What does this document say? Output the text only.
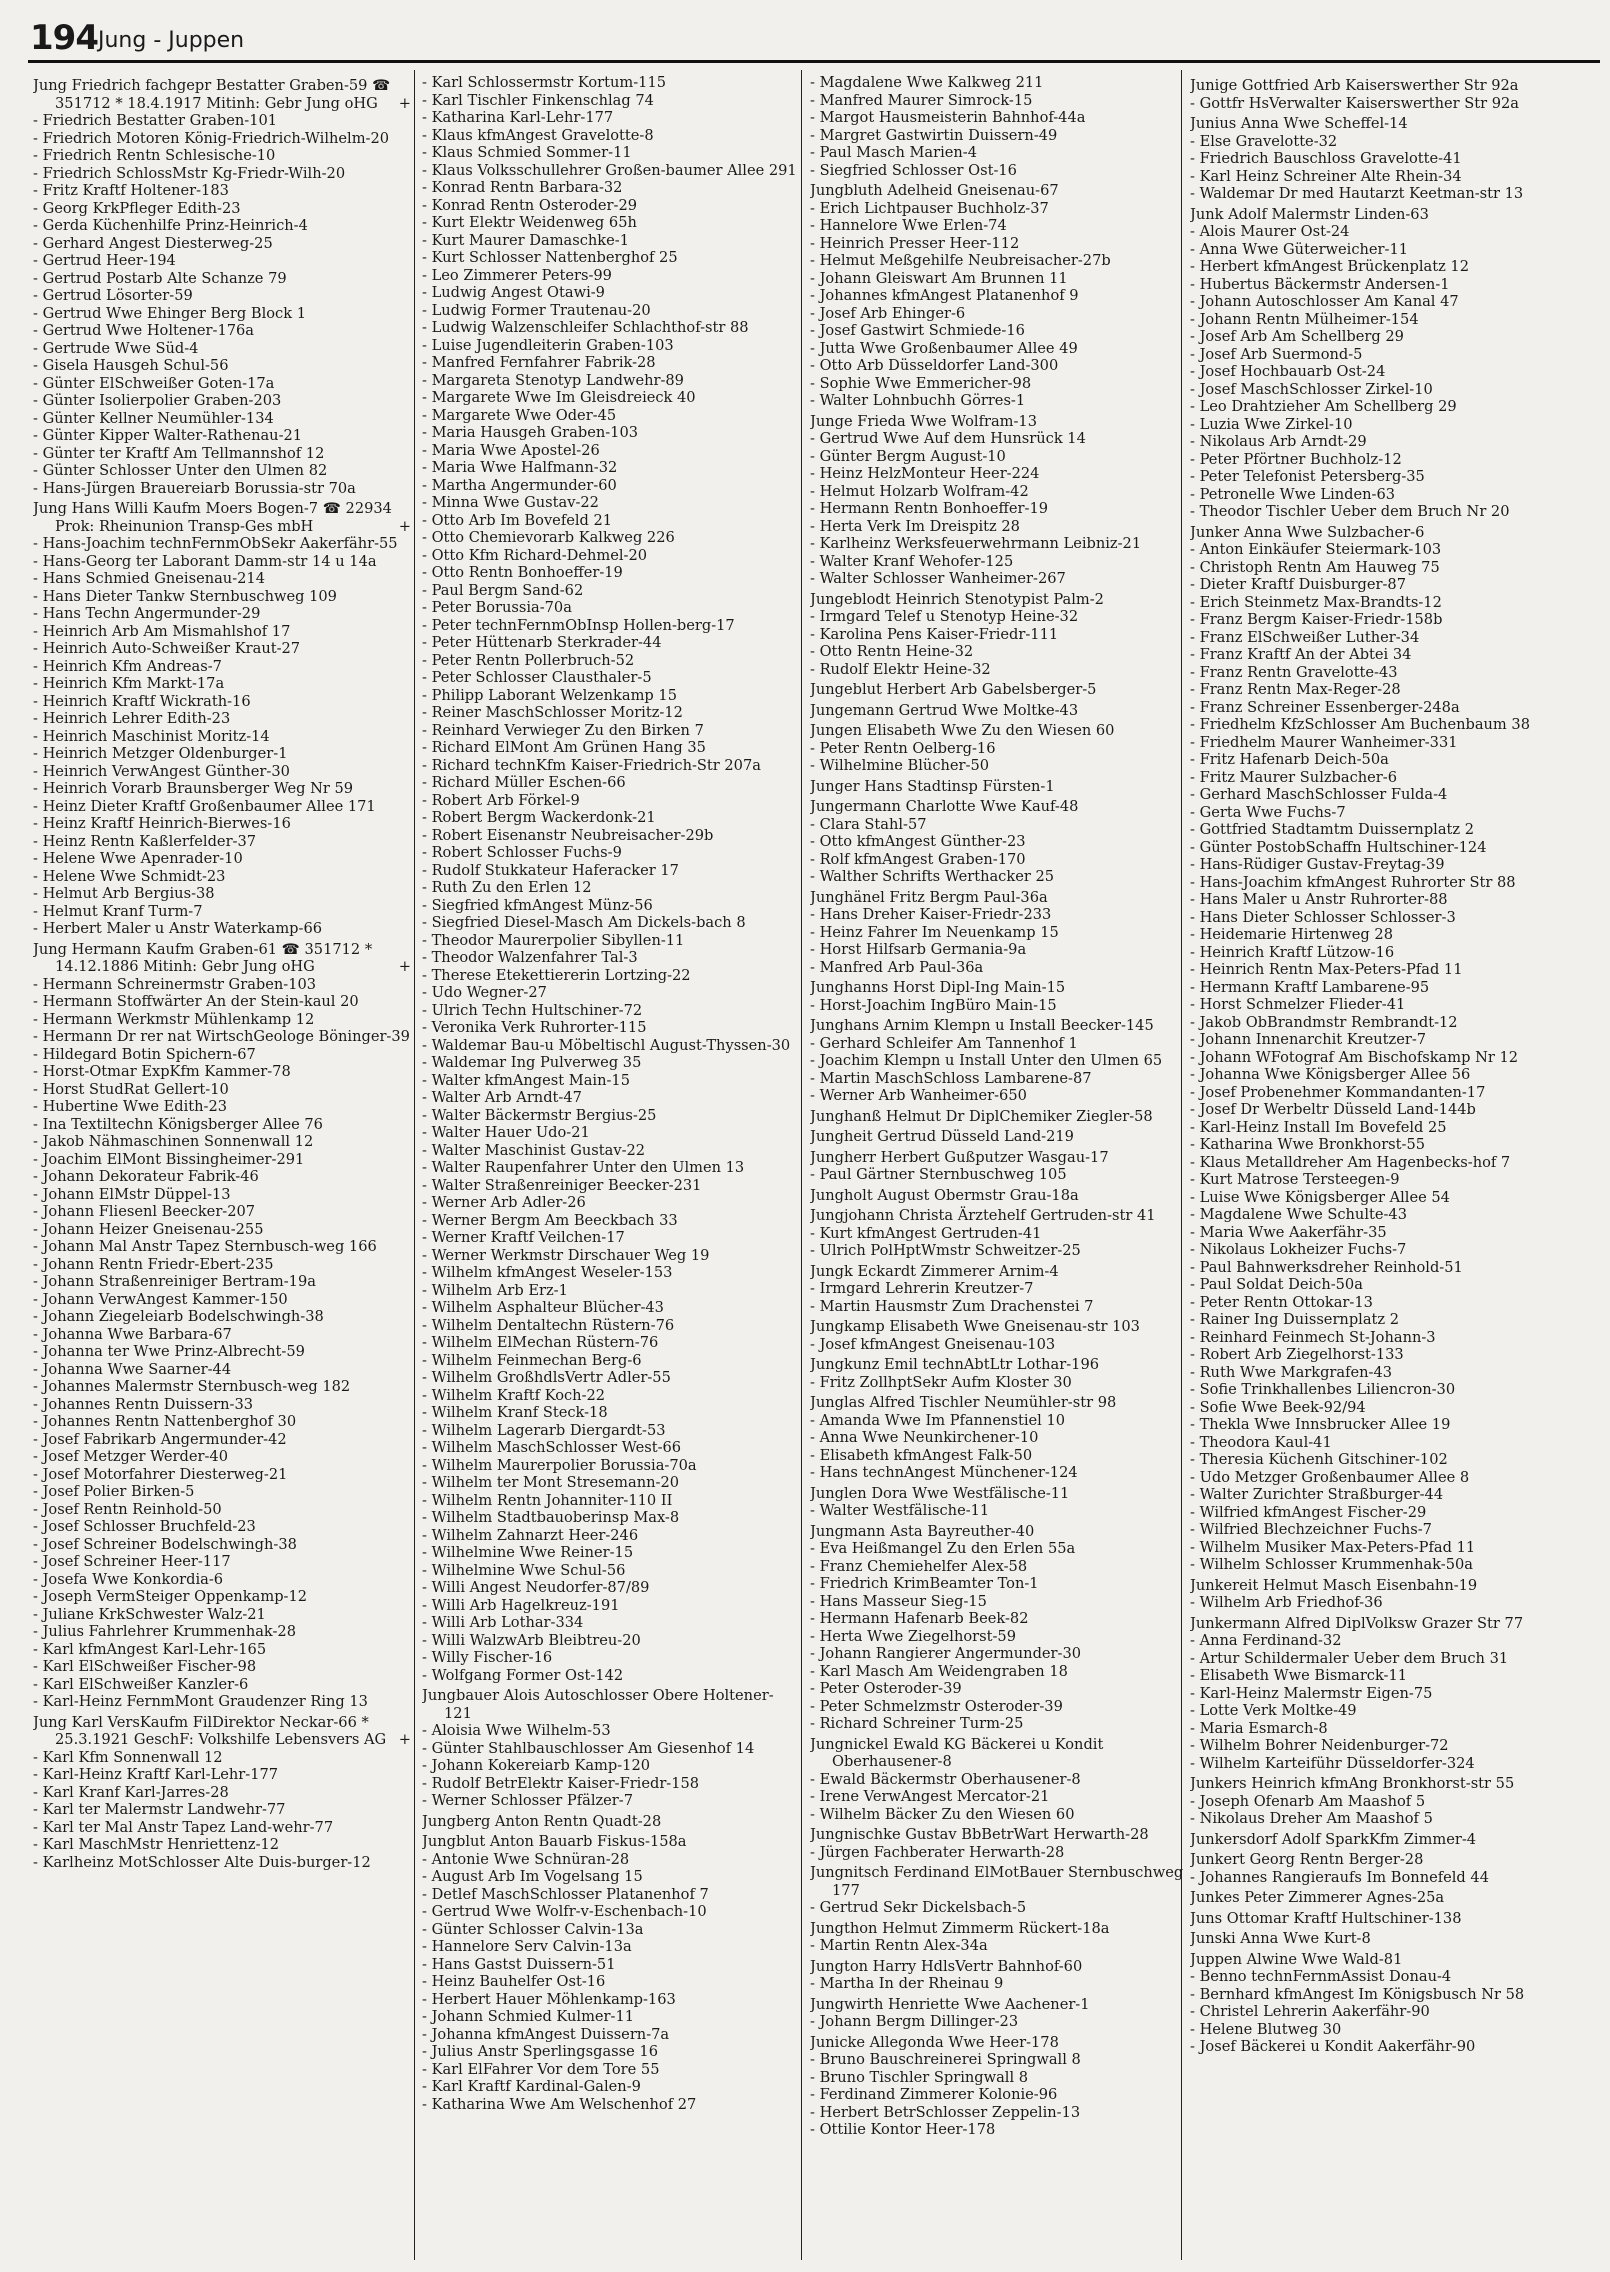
194 Jung - Juppen

Jung Friedrich fachgepr Bestatter Graben-59 ☎ 351712 * 18.4.1917 Mitinh: Gebr Jung oHG +

- Friedrich Bestatter Graben-101

- Friedrich Motoren König-Friedrich-Wilhelm-20

- Friedrich Rentn Schlesische-10

- Friedrich SchlossMstr Kg-Friedr-Wilh-20

- Fritz Kraftf Holtener-183

- Georg KrkPfleger Edith-23

- Gerda Küchenhilfe Prinz-Heinrich-4

- Gerhard Angest Diesterweg-25

- Gertrud Heer-194

- Gertrud Postarb Alte Schanze 79

- Gertrud Lösorter-59

- Gertrud Wwe Ehinger Berg Block 1

- Gertrud Wwe Holtener-176a

- Gertrude Wwe Süd-4

- Gisela Hausgeh Schul-56

- Günter ElSchweißer Goten-17a

- Günter Isolierpolier Graben-203

- Günter Kellner Neumühler-134

- Günter Kipper Walter-Rathenau-21

- Günter ter Kraftf Am Tellmannshof 12

- Günter Schlosser Unter den Ulmen 82

- Hans-Jürgen Brauereiarb Borussia-str 70a

Jung Hans Willi Kaufm Moers Bogen-7 ☎ 22934 Prok: Rheinunion Transp-Ges mbH	+

- Hans-Joachim technFernmObSekr Aakerfähr-55

- Hans-Georg ter Laborant Damm-str 14 u 14a

- Hans Schmied Gneisenau-214

- Hans Dieter Tankw Sternbuschweg 109

- Hans Techn Angermunder-29

- Heinrich Arb Am Mismahlshof 17

- Heinrich Auto-Schweißer Kraut-27

- Heinrich Kfm Andreas-7

- Heinrich Kfm Markt-17a

- Heinrich Kraftf Wickrath-16

- Heinrich Lehrer Edith-23

- Heinrich Maschinist Moritz-14

- Heinrich Metzger Oldenburger-1

- Heinrich VerwAngest Günther-30

- Heinrich Vorarb Braunsberger Weg Nr 59

- Heinz Dieter Kraftf Großenbaumer Allee 171

- Heinz Kraftf Heinrich-Bierwes-16

- Heinz Rentn Kaßlerfelder-37

- Helene Wwe Apenrader-10

- Helene Wwe Schmidt-23

- Helmut Arb Bergius-38

- Helmut Kranf Turm-7

- Herbert Maler u Anstr Waterkamp-66

Jung Hermann Kaufm Graben-61 ☎ 351712 * 14.12.1886 Mitinh: Gebr Jung oHG	+

- Hermann Schreinermstr Graben-103

- Hermann Stoffwärter An der Stein-kaul 20

- Hermann Werkmstr Mühlenkamp 12

- Hermann Dr rer nat WirtschGeologe Böninger-39

- Hildegard Botin Spichern-67

- Horst-Otmar ExpKfm Kammer-78

- Horst StudRat Gellert-10

- Hubertine Wwe Edith-23

- Ina Textiltechn Königsberger Allee 76

- Jakob Nähmaschinen Sonnenwall 12

- Joachim ElMont Bissingheimer-291

- Johann Dekorateur Fabrik-46

- Johann ElMstr Düppel-13

- Johann Fliesenl Beecker-207

- Johann Heizer Gneisenau-255

- Johann Mal Anstr Tapez Sternbusch-weg 166

- Johann Rentn Friedr-Ebert-235

- Johann Straßenreiniger Bertram-19a

- Johann VerwAngest Kammer-150

- Johann Ziegeleiarb Bodelschwingh-38

- Johanna Wwe Barbara-67

- Johanna ter Wwe Prinz-Albrecht-59

- Johanna Wwe Saarner-44

- Johannes Malermstr Sternbusch-weg 182

- Johannes Rentn Duissern-33

- Johannes Rentn Nattenberghof 30

- Josef Fabrikarb Angermunder-42

- Josef Metzger Werder-40

- Josef Motorfahrer Diesterweg-21

- Josef Polier Birken-5

- Josef Rentn Reinhold-50

- Josef Schlosser Bruchfeld-23

- Josef Schreiner Bodelschwingh-38

- Josef Schreiner Heer-117

- Josefa Wwe Konkordia-6

- Joseph VermSteiger Oppenkamp-12

- Juliane KrkSchwester Walz-21

- Julius Fahrlehrer Krummenhak-28

- Karl kfmAngest Karl-Lehr-165

- Karl ElSchweißer Fischer-98

- Karl ElSchweißer Kanzler-6

- Karl-Heinz FernmMont Graudenzer Ring 13

Jung Karl VersKaufm FilDirektor Neckar-66 * 25.3.1921 GeschF: Volkshilfe Lebensvers AG +

- Karl Kfm Sonnenwall 12

- Karl-Heinz Kraftf Karl-Lehr-177

- Karl Kranf Karl-Jarres-28

- Karl ter Malermstr Landwehr-77

- Karl ter Mal Anstr Tapez Land-wehr-77

- Karl MaschMstr Henriettenz-12

- Karlheinz MotSchlosser Alte Duis-burger-12

- Karl Schlossermstr Kortum-115

- Karl Tischler Finkenschlag 74

- Katharina Karl-Lehr-177

- Klaus kfmAngest Gravelotte-8

- Klaus Schmied Sommer-11

- Klaus Volksschullehrer Großen-baumer Allee 291

- Konrad Rentn Barbara-32

- Konrad Rentn Osteroder-29

- Kurt Elektr Weidenweg 65h

- Kurt Maurer Damaschke-1

- Kurt Schlosser Nattenberghof 25

- Leo Zimmerer Peters-99

- Ludwig Angest Otawi-9

- Ludwig Former Trautenau-20

- Ludwig Walzenschleifer Schlachthof-str 88

- Luise Jugendleiterin Graben-103

- Manfred Fernfahrer Fabrik-28

- Margareta Stenotyp Landwehr-89

- Margarete Wwe Im Gleisdreieck 40

- Margarete Wwe Oder-45

- Maria Hausgeh Graben-103

- Maria Wwe Apostel-26

- Maria Wwe Halfmann-32

- Martha Angermunder-60

- Minna Wwe Gustav-22

- Otto Arb Im Bovefeld 21

- Otto Chemievorarb Kalkweg 226

- Otto Kfm Richard-Dehmel-20

- Otto Rentn Bonhoeffer-19

- Paul Bergm Sand-62

- Peter Borussia-70a

- Peter technFernmObInsp Hollen-berg-17

- Peter Hüttenarb Sterkrader-44

- Peter Rentn Pollerbruch-52

- Peter Schlosser Clausthaler-5

- Philipp Laborant Welzenkamp 15

- Reiner MaschSchlosser Moritz-12

- Reinhard Verwieger Zu den Birken 7

- Richard ElMont Am Grünen Hang 35

- Richard technKfm Kaiser-Friedrich-Str 207a

- Richard Müller Eschen-66

- Robert Arb Förkel-9

- Robert Bergm Wackerdonk-21

- Robert Eisenanstr Neubreisacher-29b

- Robert Schlosser Fuchs-9

- Rudolf Stukkateur Haferacker 17

- Ruth Zu den Erlen 12

- Siegfried kfmAngest Münz-56

- Siegfried Diesel-Masch Am Dickels-bach 8

- Theodor Maurerpolier Sibyllen-11

- Theodor Walzenfahrer Tal-3

- Therese Etekettiererin Lortzing-22

- Udo Wegner-27

- Ulrich Techn Hultschiner-72

- Veronika Verk Ruhrorter-115

- Waldemar Bau-u Möbeltischl August-Thyssen-30

- Waldemar Ing Pulverweg 35

- Walter kfmAngest Main-15

- Walter Arb Arndt-47

- Walter Bäckermstr Bergius-25

- Walter Hauer Udo-21

- Walter Maschinist Gustav-22

- Walter Raupenfahrer Unter den Ulmen 13

- Walter Straßenreiniger Beecker-231

- Werner Arb Adler-26

- Werner Bergm Am Beeckbach 33

- Werner Kraftf Veilchen-17

- Werner Werkmstr Dirschauer Weg 19

- Wilhelm kfmAngest Weseler-153

- Wilhelm Arb Erz-1

- Wilhelm Asphalteur Blücher-43

- Wilhelm Dentaltechn Rüstern-76

- Wilhelm ElMechan Rüstern-76

- Wilhelm Feinmechan Berg-6

- Wilhelm GroßhdlsVertr Adler-55

- Wilhelm Kraftf Koch-22

- Wilhelm Kranf Steck-18

- Wilhelm Lagerarb Diergardt-53

- Wilhelm MaschSchlosser West-66

- Wilhelm Maurerpolier Borussia-70a

- Wilhelm ter Mont Stresemann-20

- Wilhelm Rentn Johanniter-110 II

- Wilhelm Stadtbauoberinsp Max-8

- Wilhelm Zahnarzt Heer-246

- Wilhelmine Wwe Reiner-15

- Wilhelmine Wwe Schul-56

- Willi Angest Neudorfer-87/89

- Willi Arb Hagelkreuz-191

- Willi Arb Lothar-334

- Willi WalzwArb Bleibtreu-20

- Willy Fischer-16

- Wolfgang Former Ost-142

Jungbauer Alois Autoschlosser Obere Holtener-121

- Aloisia Wwe Wilhelm-53

- Günter Stahlbauschlosser Am Giesenhof 14

- Johann Kokereiarb Kamp-120

- Rudolf BetrElektr Kaiser-Friedr-158

- Werner Schlosser Pfälzer-7

Jungberg Anton Rentn Quadt-28

Jungblut Anton Bauarb Fiskus-158a

- Antonie Wwe Schnüran-28

- August Arb Im Vogelsang 15

- Detlef MaschSchlosser Platanenhof 7

- Gertrud Wwe Wolfr-v-Eschenbach-10

- Günter Schlosser Calvin-13a

- Hannelore Serv Calvin-13a

- Hans Gastst Duissern-51

- Heinz Bauhelfer Ost-16

- Herbert Hauer Möhlenkamp-163

- Johann Schmied Kulmer-11

- Johanna kfmAngest Duissern-7a

- Julius Anstr Sperlingsgasse 16

- Karl ElFahrer Vor dem Tore 55

- Karl Kraftf Kardinal-Galen-9

- Katharina Wwe Am Welschenhof 27

- Magdalene Wwe Kalkweg 211

- Manfred Maurer Simrock-15

- Margot Hausmeisterin Bahnhof-44a

- Margret Gastwirtin Duissern-49

- Paul Masch Marien-4

- Siegfried Schlosser Ost-16

Jungbluth Adelheid Gneisenau-67

- Erich Lichtpauser Buchholz-37

- Hannelore Wwe Erlen-74

- Heinrich Presser Heer-112

- Helmut Meßgehilfe Neubreisacher-27b

- Johann Gleiswart Am Brunnen 11

- Johannes kfmAngest Platanenhof 9

- Josef Arb Ehinger-6

- Josef Gastwirt Schmiede-16

- Jutta Wwe Großenbaumer Allee 49

- Otto Arb Düsseldorfer Land-300

- Sophie Wwe Emmericher-98

- Walter Lohnbuchh Görres-1

Junge Frieda Wwe Wolfram-13

- Gertrud Wwe Auf dem Hunsrück 14

- Günter Bergm August-10

- Heinz HelzMonteur Heer-224

- Helmut Holzarb Wolfram-42

- Hermann Rentn Bonhoeffer-19

- Herta Verk Im Dreispitz 28

- Karlheinz Werksfeuerwehrmann Leibniz-21

- Walter Kranf Wehofer-125

- Walter Schlosser Wanheimer-267

Jungeblodt Heinrich Stenotypist Palm-2

- Irmgard Telef u Stenotyp Heine-32

- Karolina Pens Kaiser-Friedr-111

- Otto Rentn Heine-32

- Rudolf Elektr Heine-32

Jungeblut Herbert Arb Gabelsberger-5

Jungemann Gertrud Wwe Moltke-43

Jungen Elisabeth Wwe Zu den Wiesen 60

- Peter Rentn Oelberg-16

- Wilhelmine Blücher-50

Junger Hans Stadtinsp Fürsten-1

Jungermann Charlotte Wwe Kauf-48

- Clara Stahl-57

- Otto kfmAngest Günther-23

- Rolf kfmAngest Graben-170

- Walther Schrifts Werthacker 25

Junghänel Fritz Bergm Paul-36a

- Hans Dreher Kaiser-Friedr-233

- Heinz Fahrer Im Neuenkamp 15

- Horst Hilfsarb Germania-9a

- Manfred Arb Paul-36a

Junghanns Horst Dipl-Ing Main-15

- Horst-Joachim IngBüro Main-15

Junghans Arnim Klempn u Install Beecker-145

- Gerhard Schleifer Am Tannenhof 1

- Joachim Klempn u Install Unter den Ulmen 65

- Martin MaschSchloss Lambarene-87

- Werner Arb Wanheimer-650

Junghanß Helmut Dr DiplChemiker Ziegler-58

Jungheit Gertrud Düsseld Land-219

Jungherr Herbert Gußputzer Wasgau-17

- Paul Gärtner Sternbuschweg 105

Jungholt August Obermstr Grau-18a

Jungjohann Christa Ärztehelf Gertruden-str 41

- Kurt kfmAngest Gertruden-41

- Ulrich PolHptWmstr Schweitzer-25

Jungk Eckardt Zimmerer Arnim-4

- Irmgard Lehrerin Kreutzer-7

- Martin Hausmstr Zum Drachenstei 7

Jungkamp Elisabeth Wwe Gneisenau-str 103

- Josef kfmAngest Gneisenau-103

Jungkunz Emil technAbtLtr Lothar-196

- Fritz ZollhptSekr Aufm Kloster 30

Junglas Alfred Tischler Neumühler-str 98

- Amanda Wwe Im Pfannenstiel 10

- Anna Wwe Neunkirchener-10

- Elisabeth kfmAngest Falk-50

- Hans technAngest Münchener-124

Junglen Dora Wwe Westfälische-11

- Walter Westfälische-11

Jungmann Asta Bayreuther-40

- Eva Heißmangel Zu den Erlen 55a

- Franz Chemiehelfer Alex-58

- Friedrich KrimBeamter Ton-1

- Hans Masseur Sieg-15

- Hermann Hafenarb Beek-82

- Herta Wwe Ziegelhorst-59

- Johann Rangierer Angermunder-30

- Karl Masch Am Weidengraben 18

- Peter Osteroder-39

- Peter Schmelzmstr Osteroder-39

- Richard Schreiner Turm-25

Jungnickel Ewald KG Bäckerei u Kondit Oberhausener-8

- Ewald Bäckermstr Oberhausener-8

- Irene VerwAngest Mercator-21

- Wilhelm Bäcker Zu den Wiesen 60

Jungnischke Gustav BbBetrWart Herwarth-28

- Jürgen Fachberater Herwarth-28

Jungnitsch Ferdinand ElMotBauer Sternbuschweg 177

- Gertrud Sekr Dickelsbach-5

Jungthon Helmut Zimmerm Rückert-18a

- Martin Rentn Alex-34a

Jungton Harry HdlsVertr Bahnhof-60

- Martha In der Rheinau 9

Jungwirth Henriette Wwe Aachener-1

- Johann Bergm Dillinger-23

Junicke Allegonda Wwe Heer-178

- Bruno Bauschreinerei Springwall 8

- Bruno Tischler Springwall 8

- Ferdinand Zimmerer Kolonie-96

- Herbert BetrSchlosser Zeppelin-13

- Ottilie Kontor Heer-178

Junige Gottfried Arb Kaiserswerther Str 92a

- Gottfr HsVerwalter Kaiserswerther Str 92a

Junius Anna Wwe Scheffel-14

- Else Gravelotte-32

- Friedrich Bauschloss Gravelotte-41

- Karl Heinz Schreiner Alte Rhein-34

- Waldemar Dr med Hautarzt Keetman-str 13

Junk Adolf Malermstr Linden-63

- Alois Maurer Ost-24

- Anna Wwe Güterweicher-11

- Herbert kfmAngest Brückenplatz 12

- Hubertus Bäckermstr Andersen-1

- Johann Autoschlosser Am Kanal 47

- Johann Rentn Mülheimer-154

- Josef Arb Am Schellberg 29

- Josef Arb Suermond-5

- Josef Hochbauarb Ost-24

- Josef MaschSchlosser Zirkel-10

- Leo Drahtzieher Am Schellberg 29

- Luzia Wwe Zirkel-10

- Nikolaus Arb Arndt-29

- Peter Pförtner Buchholz-12

- Peter Telefonist Petersberg-35

- Petronelle Wwe Linden-63

- Theodor Tischler Ueber dem Bruch Nr 20

Junker Anna Wwe Sulzbacher-6

- Anton Einkäufer Steiermark-103

- Christoph Rentn Am Hauweg 75

- Dieter Kraftf Duisburger-87

- Erich Steinmetz Max-Brandts-12

- Franz Bergm Kaiser-Friedr-158b

- Franz ElSchweißer Luther-34

- Franz Kraftf An der Abtei 34

- Franz Rentn Gravelotte-43

- Franz Rentn Max-Reger-28

- Franz Schreiner Essenberger-248a

- Friedhelm KfzSchlosser Am Buchenbaum 38

- Friedhelm Maurer Wanheimer-331

- Fritz Hafenarb Deich-50a

- Fritz Maurer Sulzbacher-6

- Gerhard MaschSchlosser Fulda-4

- Gerta Wwe Fuchs-7

- Gottfried Stadtamtm Duissernplatz 2

- Günter PostobSchaffn Hultschiner-124

- Hans-Rüdiger Gustav-Freytag-39

- Hans-Joachim kfmAngest Ruhrorter Str 88

- Hans Maler u Anstr Ruhrorter-88

- Hans Dieter Schlosser Schlosser-3

- Heidemarie Hirtenweg 28

- Heinrich Kraftf Lützow-16

- Heinrich Rentn Max-Peters-Pfad 11

- Hermann Kraftf Lambarene-95

- Horst Schmelzer Flieder-41

- Jakob ObBrandmstr Rembrandt-12

- Johann Innenarchit Kreutzer-7

- Johann WFotograf Am Bischofskamp Nr 12

- Johanna Wwe Königsberger Allee 56

- Josef Probenehmer Kommandanten-17

- Josef Dr Werbeltr Düsseld Land-144b

- Karl-Heinz Install Im Bovefeld 25

- Katharina Wwe Bronkhorst-55

- Klaus Metalldreher Am Hagenbecks-hof 7

- Kurt Matrose Tersteegen-9

- Luise Wwe Königsberger Allee 54

- Magdalene Wwe Schulte-43

- Maria Wwe Aakerfähr-35

- Nikolaus Lokheizer Fuchs-7

- Paul Bahnwerksdreher Reinhold-51

- Paul Soldat Deich-50a

- Peter Rentn Ottokar-13

- Rainer Ing Duissernplatz 2

- Reinhard Feinmech St-Johann-3

- Robert Arb Ziegelhorst-133

- Ruth Wwe Markgrafen-43

- Sofie Trinkhallenbes Liliencron-30

- Sofie Wwe Beek-92/94

- Thekla Wwe Innsbrucker Allee 19

- Theodora Kaul-41

- Theresia Küchenh Gitschiner-102

- Udo Metzger Großenbaumer Allee 8

- Walter Zurichter Straßburger-44

- Wilfried kfmAngest Fischer-29

- Wilfried Blechzeichner Fuchs-7

- Wilhelm Musiker Max-Peters-Pfad 11

- Wilhelm Schlosser Krummenhak-50a

Junkereit Helmut Masch Eisenbahn-19

- Wilhelm Arb Friedhof-36

Junkermann Alfred DiplVolksw Grazer Str 77

- Anna Ferdinand-32

- Artur Schildermaler Ueber dem Bruch 31

- Elisabeth Wwe Bismarck-11

- Karl-Heinz Malermstr Eigen-75

- Lotte Verk Moltke-49

- Maria Esmarch-8

- Wilhelm Bohrer Neidenburger-72

- Wilhelm Karteiführ Düsseldorfer-324

Junkers Heinrich kfmAng Bronkhorst-str 55

- Joseph Ofenarb Am Maashof 5

- Nikolaus Dreher Am Maashof 5

Junkersdorf Adolf SparkKfm Zimmer-4

Junkert Georg Rentn Berger-28

- Johannes Rangieraufs Im Bonnefeld 44

Junkes Peter Zimmerer Agnes-25a

Juns Ottomar Kraftf Hultschiner-138

Junski Anna Wwe Kurt-8

Juppen Alwine Wwe Wald-81

- Benno technFernmAssist Donau-4

- Bernhard kfmAngest Im Königsbusch Nr 58

- Christel Lehrerin Aakerfähr-90

- Helene Blutweg 30

- Josef Bäckerei u Kondit Aakerfähr-90
